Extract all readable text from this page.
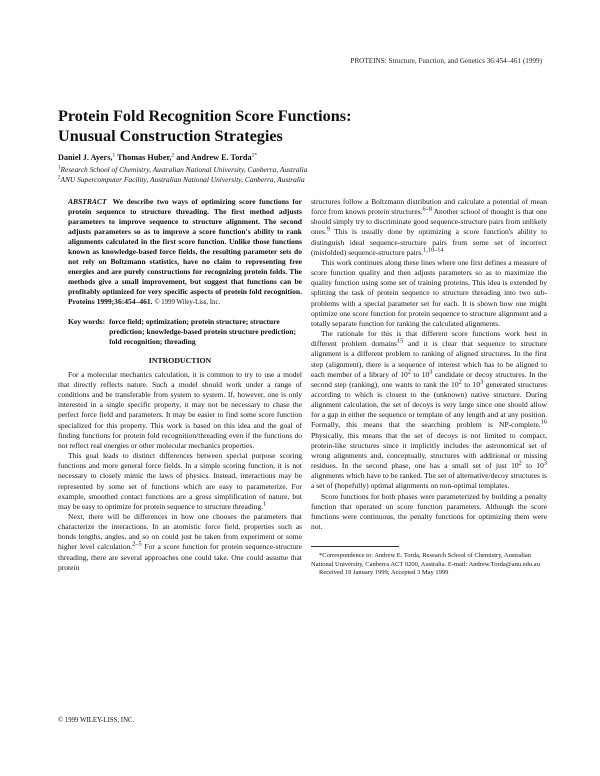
PROTEINS: Structure, Function, and Genetics 36:454–461 (1999)
Protein Fold Recognition Score Functions:
Unusual Construction Strategies
Daniel J. Ayers,$^1$ Thomas Huber,$^2$ and Andrew E. Torda$^{1*}$
$^1$Research School of Chemistry, Australian National University, Canberra, Australia
$^2$ANU Supercomputer Facility, Australian National University, Canberra, Australia
ABSTRACT We describe two ways of optimizing score functions for protein sequence to structure threading. The first method adjusts parameters to improve sequence to structure alignment. The second adjusts parameters so as to improve a score function's ability to rank alignments calculated in the first score function. Unlike those functions known as knowledge-based force fields, the resulting parameter sets do not rely on Boltzmann statistics, have no claim to representing free energies and are purely constructions for recognizing protein folds. The methods give a small improvement, but suggest that functions can be profitably optimized for very specific aspects of protein fold recognition. Proteins 1999;36:454–461. © 1999 Wiley-Liss, Inc.
Key words: force field; optimization; protein structure; structure prediction; knowledge-based protein structure prediction; fold recognition; threading
INTRODUCTION

For a molecular mechanics calculation, it is common to try to use a model that directly reflects nature. Such a model should work under a range of conditions and be transferable from system to system. If, however, one is only interested in a single specific property, it may not be necessary to chase the perfect force field and parameters. It may be easier to find some score function specialized for this property. This work is based on this idea and the goal of finding functions for protein fold recognition/threading even if the functions do not reflect real energies or other molecular mechanics properties.

This goal leads to distinct differences between special purpose scoring functions and more general force fields. In a simple scoring function, it is not necessary to closely mimic the laws of physics. Instead, interactions may be represented by some set of functions which are easy to parameterize. For example, smoothed contact functions are a gross simplification of nature, but may be easy to optimize for protein sequence to structure threading.$^1$

Next, there will be differences in how one chooses the parameters that characterize the interactions. In an atomistic force field, properties such as bonds lengths, angles, and so on could just be taken from experiment or some higher level calculation.$^{2-5}$ For a score function for protein sequence-structure threading, there are several approaches one could take. One could assume that protein

structures follow a Boltzmann distribution and calculate a potential of mean force from known protein structures.$^{6-8}$ Another school of thought is that one should simply try to discriminate good sequence-structure pairs from unlikely ones.$^9$ This is usually done by optimizing a score function's ability to distinguish ideal sequence-structure pairs from some set of incorrect (misfolded) sequence-structure pairs.$^{1,10-14}$

This work continues along these lines where one first defines a measure of score function quality and then adjusts parameters so as to maximize the quality function using some set of training proteins. This idea is extended by splitting the task of protein sequence to structure threading into two sub-problems with a special parameter set for each. It is shown how one might optimize one score function for protein sequence to structure alignment and a totally separate function for ranking the calculated alignments.

The rationale for this is that different score functions work best in different problem domains$^{15}$ and it is clear that sequence to structure alignment is a different problem to ranking of aligned structures. In the first step (alignment), there is a sequence of interest which has to be aligned to each member of a library of $10^2$ to $10^3$ candidate or decoy structures. In the second step (ranking), one wants to rank the $10^2$ to $10^3$ generated structures according to which is closest to the (unknown) native structure. During alignment calculation, the set of decoys is very large since one should allow for a gap in either the sequence or template of any length and at any position. Formally, this means that the searching problem is NP-complete.$^{16}$ Physically, this means that the set of decoys is not limited to compact, protein-like structures since it implicitly includes the astronomical set of wrong alignments and, conceptually, structures with additional or missing residues. In the second phase, one has a small set of just $10^2$ to $10^3$ alignments which have to be ranked. The set of alternative/decoy structures is a set of (hopefully) optimal alignments on non-optimal templates.

Score functions for both phases were parameterized by building a penalty function that operated on score function parameters. Although the score functions were continuous, the penalty functions for optimizing them were not.

*Correspondence to: Andrew E. Torda, Research School of Chemistry, Australian National University, Canberra ACT 0200, Australia. E-mail: Andrew.Torda@anu.edu.au

Received 19 January 1999; Accepted 3 May 1999
© 1999 WILEY-LISS, INC.
